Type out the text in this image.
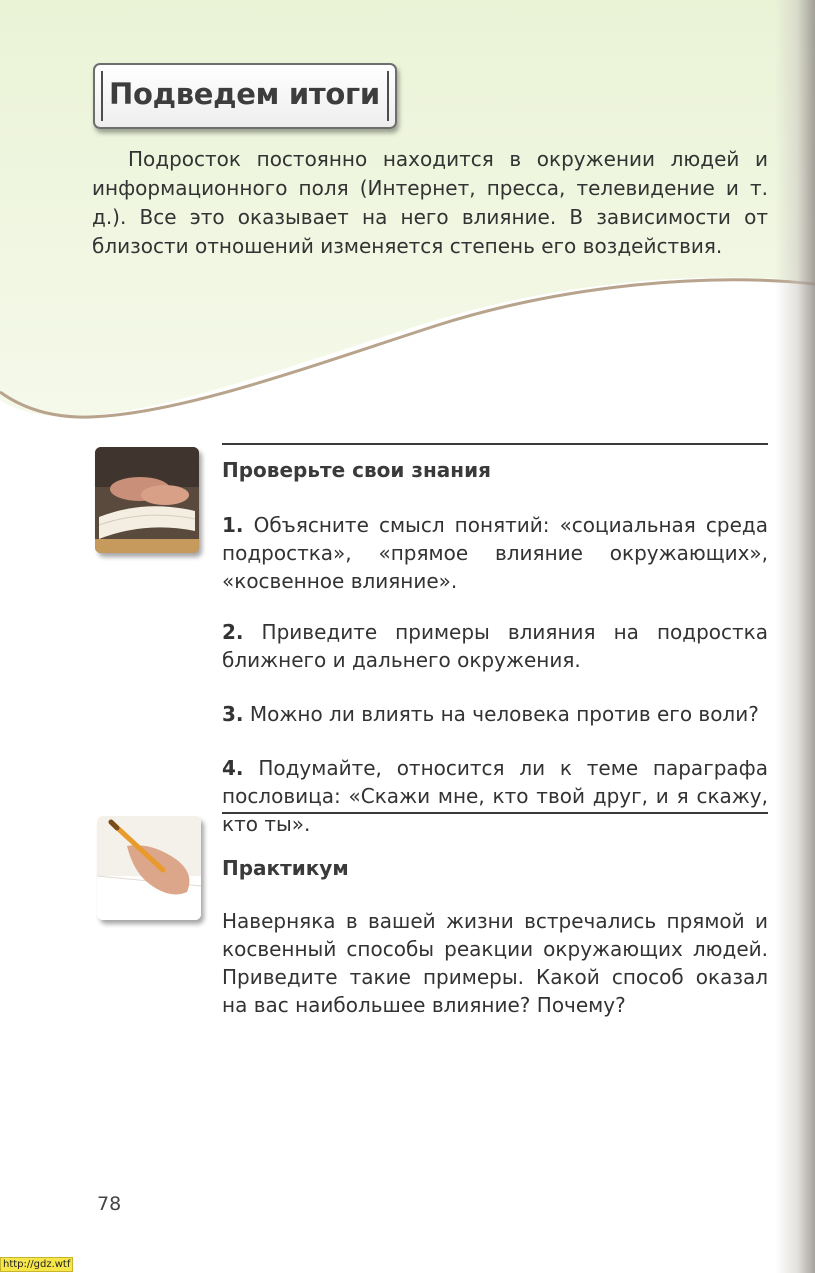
Подведем итоги

Подросток постоянно находится в окружении людей и информационного поля (Интернет, пресса, телевидение и т. д.). Все это оказывает на него влияние. В зависимости от близости отношений изменяется степень его воздействия.

Проверьте свои знания

1. Объясните смысл понятий: «социальная среда подростка», «прямое влияние окружающих», «косвенное влияние».

2. Приведите примеры влияния на подростка ближнего и дальнего окружения.

3. Можно ли влиять на человека против его воли?

4. Подумайте, относится ли к теме параграфа пословица: «Скажи мне, кто твой друг, и я скажу, кто ты».

Практикум

Наверняка в вашей жизни встречались прямой и косвенный способы реакции окружающих людей. Приведите такие примеры. Какой способ оказал на вас наибольшее влияние? Почему?

78
http://gdz.wtf
